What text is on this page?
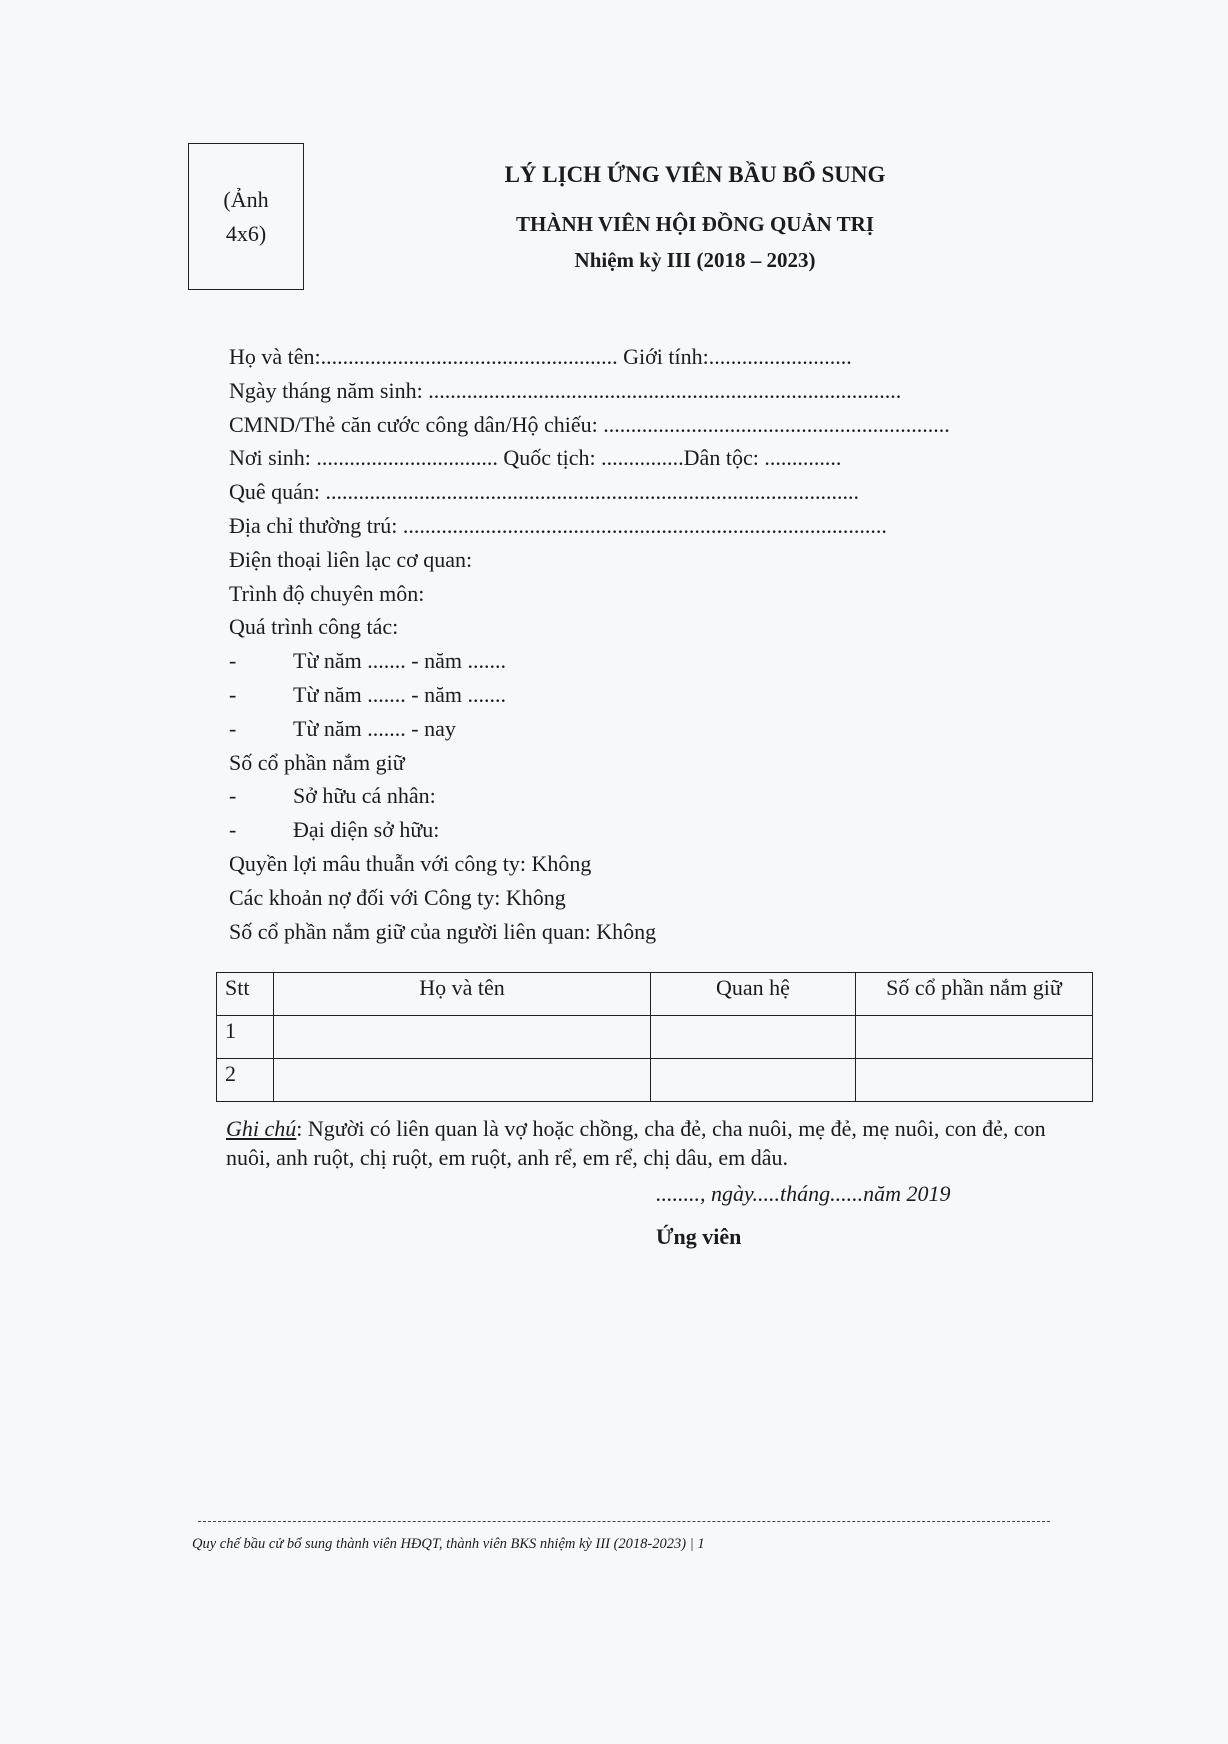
(Ảnh
4x6)
LÝ LỊCH ỨNG VIÊN BẦU BỔ SUNG
THÀNH VIÊN HỘI ĐỒNG QUẢN TRỊ
Nhiệm kỳ III (2018 – 2023)
Họ và tên:...................................................... Giới tính:..........................
Ngày tháng năm sinh: ......................................................................................
CMND/Thẻ căn cước công dân/Hộ chiếu: ...............................................................
Nơi sinh: ................................. Quốc tịch: ...............Dân tộc: ..............
Quê quán: .................................................................................................
Địa chỉ thường trú: ........................................................................................
Điện thoại liên lạc cơ quan:
Trình độ chuyên môn:
Quá trình công tác:
-	Từ năm ....... - năm .......
-	Từ năm ....... - năm .......
-	Từ năm ....... - nay
Số cổ phần nắm giữ
-	Sở hữu cá nhân:
-	Đại diện sở hữu:
Quyền lợi mâu thuẫn với công ty: Không
Các khoản nợ đối với Công ty: Không
Số cổ phần nắm giữ của người liên quan: Không
Stt	Họ và tên	Quan hệ	Số cổ phần nắm giữ
1			
2			
Ghi chú: Người có liên quan là vợ hoặc chồng, cha đẻ, cha nuôi, mẹ đẻ, mẹ nuôi, con đẻ, con nuôi, anh ruột, chị ruột, em ruột, anh rể, em rể, chị dâu, em dâu.
........, ngày.....tháng......năm 2019
Ứng viên
Quy chế bầu cử bổ sung thành viên HĐQT, thành viên BKS nhiệm kỳ III (2018-2023) | 1
